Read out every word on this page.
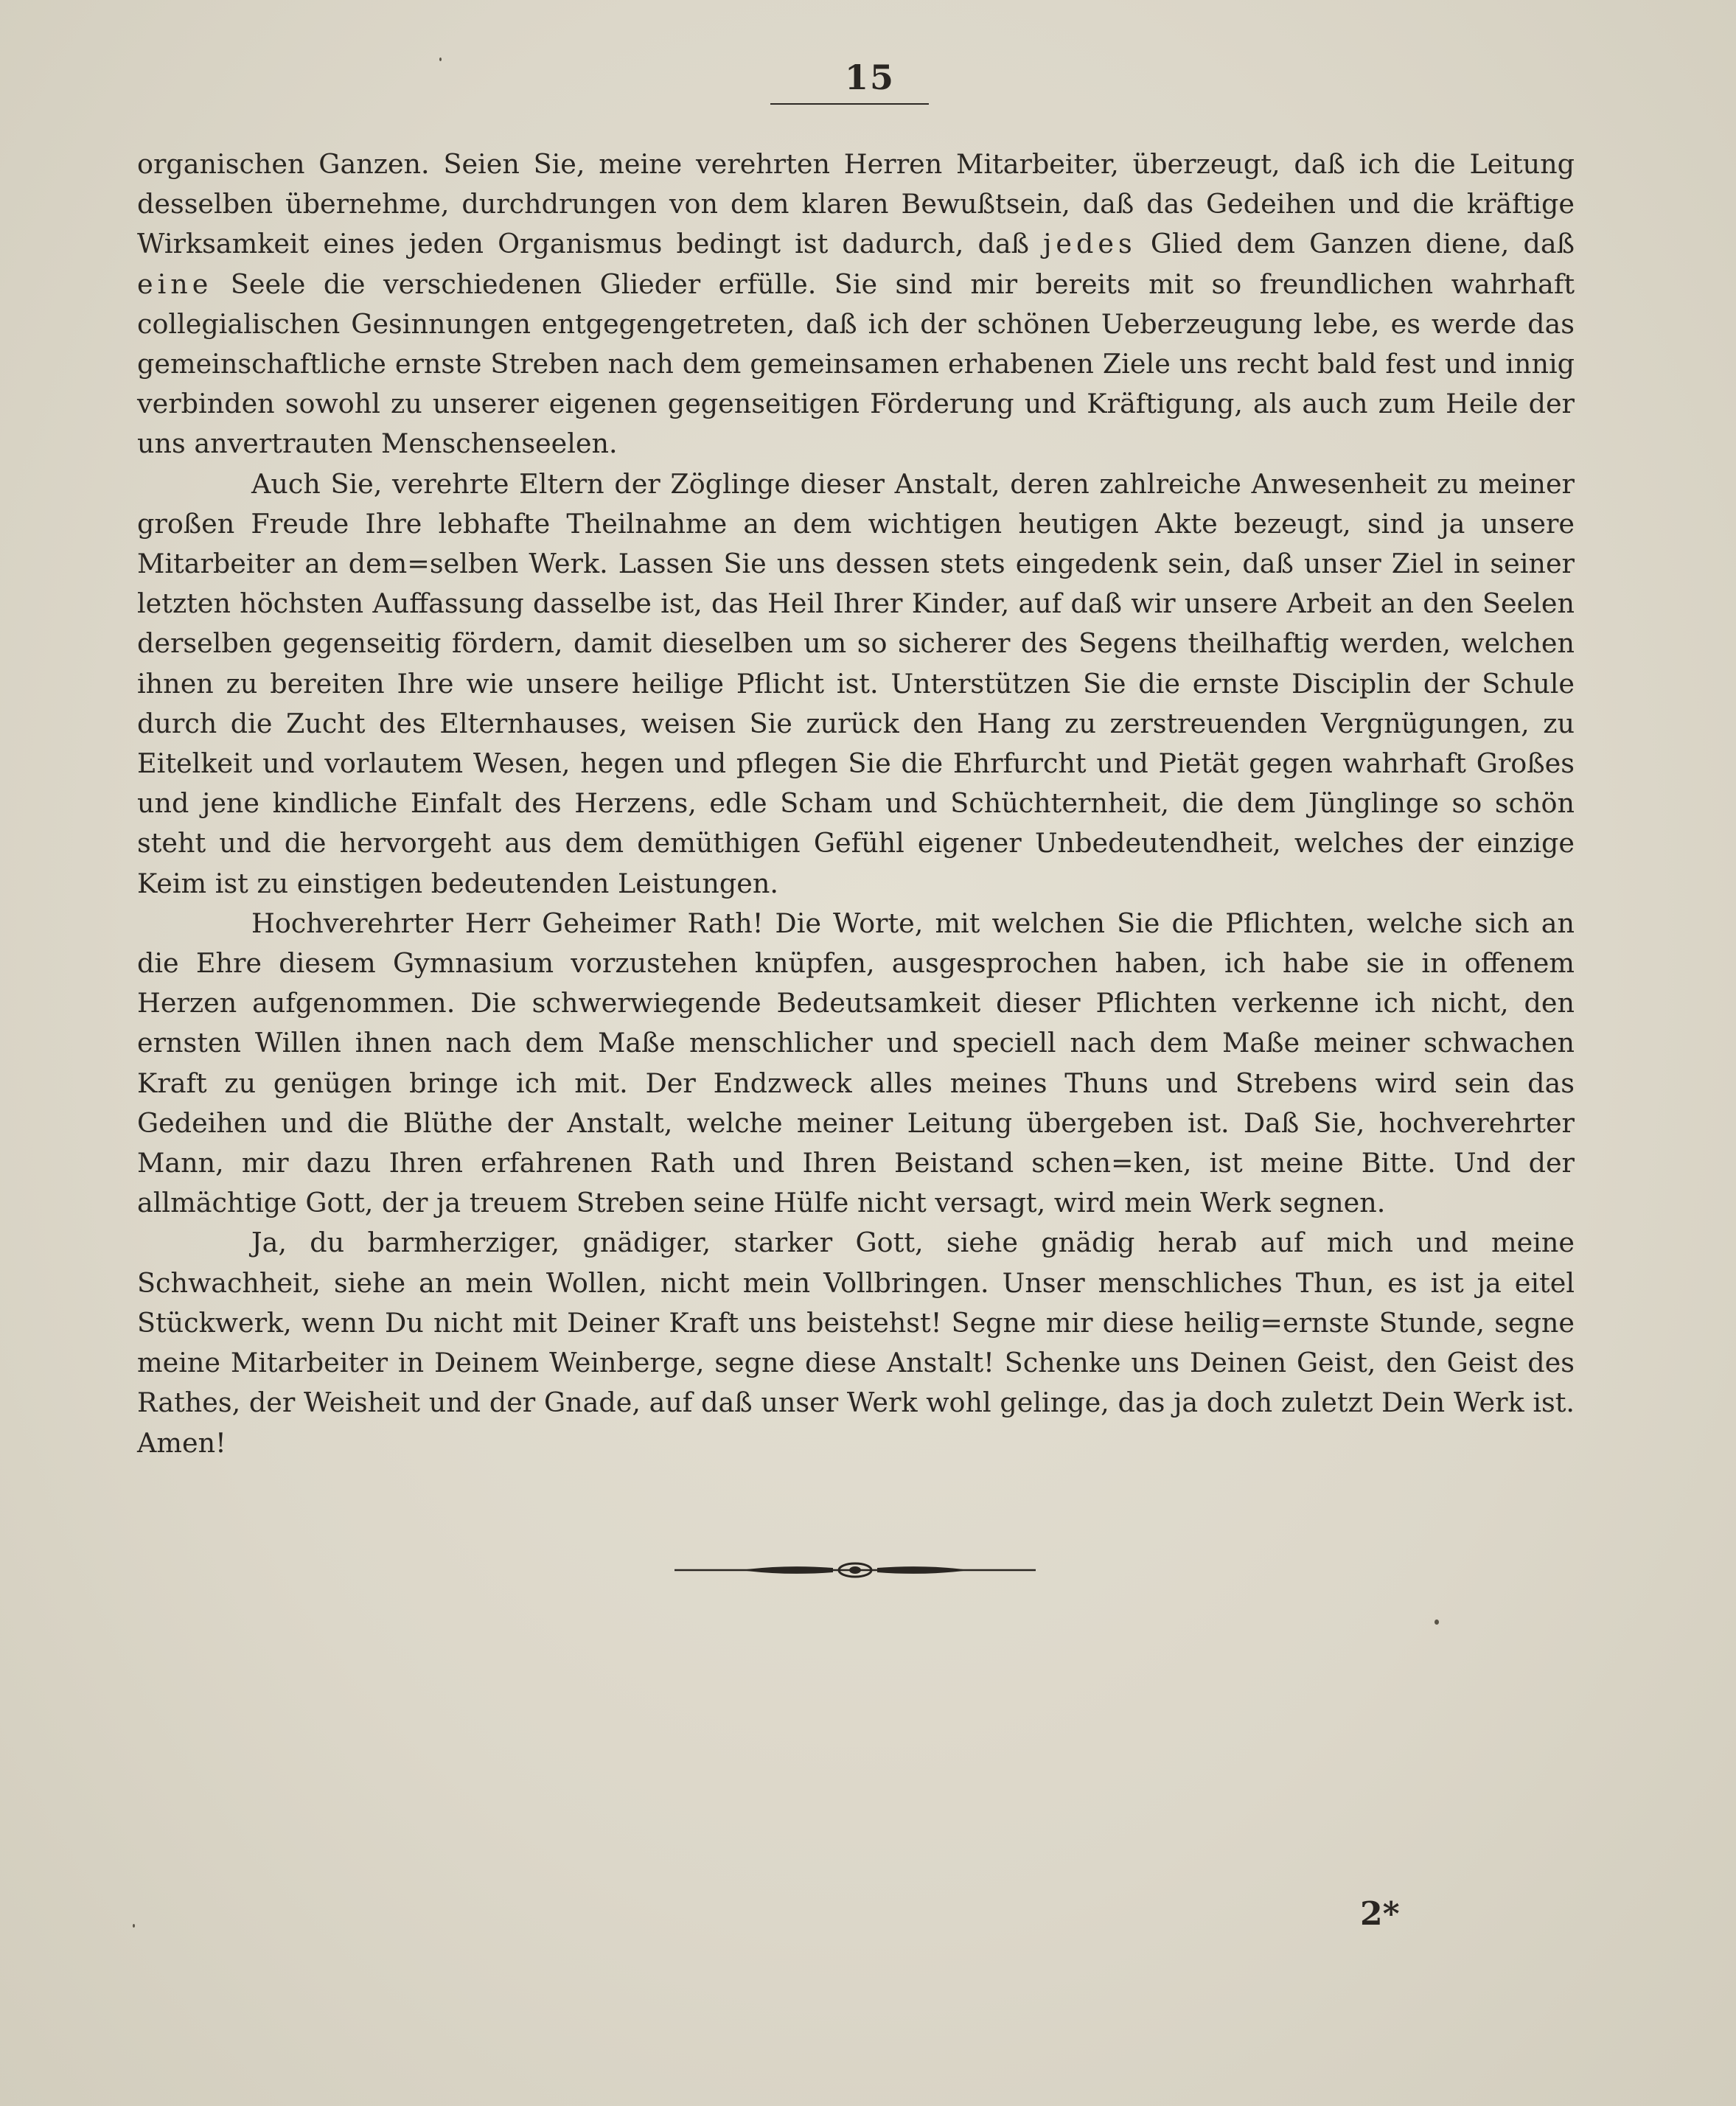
15

organischen Ganzen. Seien Sie, meine verehrten Herren Mitarbeiter, überzeugt, daß ich die Leitung desselben übernehme, durchdrungen von dem klaren Bewußtsein, daß das Gedeihen und die kräftige Wirksamkeit eines jeden Organismus bedingt ist dadurch, daß jedes Glied dem Ganzen diene, daß eine Seele die verschiedenen Glieder erfülle. Sie sind mir bereits mit so freundlichen wahrhaft collegialischen Gesinnungen entgegengetreten, daß ich der schönen Ueberzeugung lebe, es werde das gemeinschaftliche ernste Streben nach dem gemeinsamen erhabenen Ziele uns recht bald fest und innig verbinden sowohl zu unserer eigenen gegenseitigen Förderung und Kräftigung, als auch zum Heile der uns anvertrauten Menschenseelen.

Auch Sie, verehrte Eltern der Zöglinge dieser Anstalt, deren zahlreiche Anwesenheit zu meiner großen Freude Ihre lebhafte Theilnahme an dem wichtigen heutigen Akte bezeugt, sind ja unsere Mitarbeiter an dem=selben Werk. Lassen Sie uns dessen stets eingedenk sein, daß unser Ziel in seiner letzten höchsten Auffassung dasselbe ist, das Heil Ihrer Kinder, auf daß wir unsere Arbeit an den Seelen derselben gegenseitig fördern, damit dieselben um so sicherer des Segens theilhaftig werden, welchen ihnen zu bereiten Ihre wie unsere heilige Pflicht ist. Unterstützen Sie die ernste Disciplin der Schule durch die Zucht des Elternhauses, weisen Sie zurück den Hang zu zerstreuenden Vergnügungen, zu Eitelkeit und vorlautem Wesen, hegen und pflegen Sie die Ehrfurcht und Pietät gegen wahrhaft Großes und jene kindliche Einfalt des Herzens, edle Scham und Schüchternheit, die dem Jünglinge so schön steht und die hervorgeht aus dem demüthigen Gefühl eigener Unbedeutendheit, welches der einzige Keim ist zu einstigen bedeutenden Leistungen.

Hochverehrter Herr Geheimer Rath! Die Worte, mit welchen Sie die Pflichten, welche sich an die Ehre diesem Gymnasium vorzustehen knüpfen, ausgesprochen haben, ich habe sie in offenem Herzen aufgenommen. Die schwerwiegende Bedeutsamkeit dieser Pflichten verkenne ich nicht, den ernsten Willen ihnen nach dem Maße menschlicher und speciell nach dem Maße meiner schwachen Kraft zu genügen bringe ich mit. Der Endzweck alles meines Thuns und Strebens wird sein das Gedeihen und die Blüthe der Anstalt, welche meiner Leitung übergeben ist. Daß Sie, hochverehrter Mann, mir dazu Ihren erfahrenen Rath und Ihren Beistand schen=ken, ist meine Bitte. Und der allmächtige Gott, der ja treuem Streben seine Hülfe nicht versagt, wird mein Werk segnen.

Ja, du barmherziger, gnädiger, starker Gott, siehe gnädig herab auf mich und meine Schwachheit, siehe an mein Wollen, nicht mein Vollbringen. Unser menschliches Thun, es ist ja eitel Stückwerk, wenn Du nicht mit Deiner Kraft uns beistehst! Segne mir diese heilig=ernste Stunde, segne meine Mitarbeiter in Deinem Weinberge, segne diese Anstalt! Schenke uns Deinen Geist, den Geist des Rathes, der Weisheit und der Gnade, auf daß unser Werk wohl gelinge, das ja doch zuletzt Dein Werk ist. Amen!

2*
